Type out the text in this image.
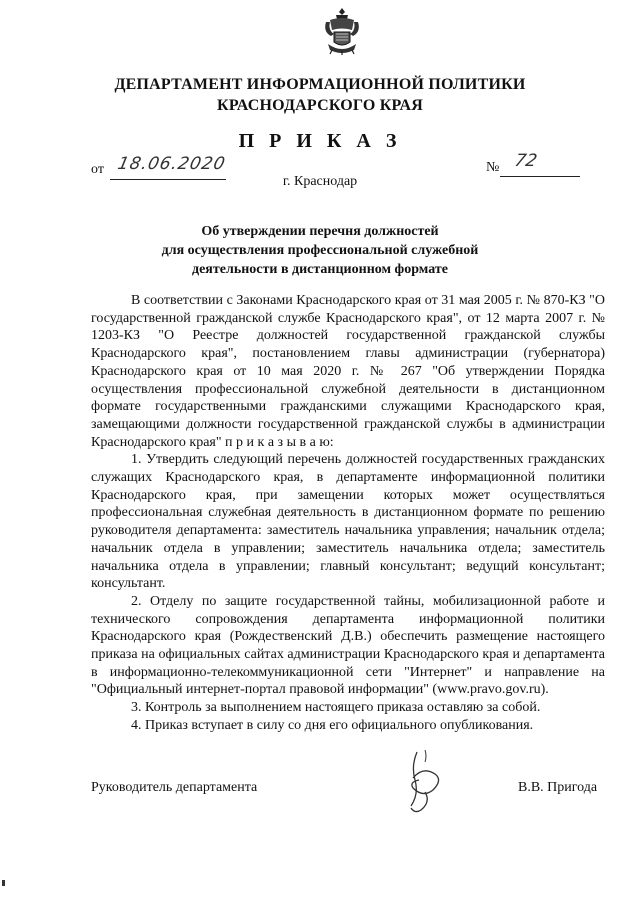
ДЕПАРТАМЕНТ ИНФОРМАЦИОННОЙ ПОЛИТИКИ
КРАСНОДАРСКОГО КРАЯ
П Р И К А З
от 18.06.2020	№ 72
г. Краснодар
Об утверждении перечня должностей
для осуществления профессиональной служебной
деятельности в дистанционном формате

В соответствии с Законами Краснодарского края от 31 мая 2005 г. № 870-КЗ "О государственной гражданской службе Краснодарского края", от 12 марта 2007 г. № 1203-КЗ "О Реестре должностей государственной гражданской службы Краснодарского края", постановлением главы администрации (губернатора) Краснодарского края от 10 мая 2020 г. № 267 "Об утверждении Порядка осуществления профессиональной служебной деятельности в дистанционном формате государственными гражданскими служащими Краснодарского края, замещающими должности государственной гражданской службы в администрации Краснодарского края" п р и к а з ы в а ю:

1. Утвердить следующий перечень должностей государственных гражданских служащих Краснодарского края, в департаменте информационной политики Краснодарского края, при замещении которых может осуществляться профессиональная служебная деятельность в дистанционном формате по решению руководителя департамента: заместитель начальника управления; начальник отдела; начальник отдела в управлении; заместитель начальника отдела; заместитель начальника отдела в управлении; главный консультант; ведущий консультант; консультант.

2. Отделу по защите государственной тайны, мобилизационной работе и технического сопровождения департамента информационной политики Краснодарского края (Рождественский Д.В.) обеспечить размещение настоящего приказа на официальных сайтах администрации Краснодарского края и департамента в информационно-телекоммуникационной сети "Интернет" и направление на "Официальный интернет-портал правовой информации" (www.pravo.gov.ru).

3. Контроль за выполнением настоящего приказа оставляю за собой.

4. Приказ вступает в силу со дня его официального опубликования.

Руководитель департамента	В.В. Пригода
